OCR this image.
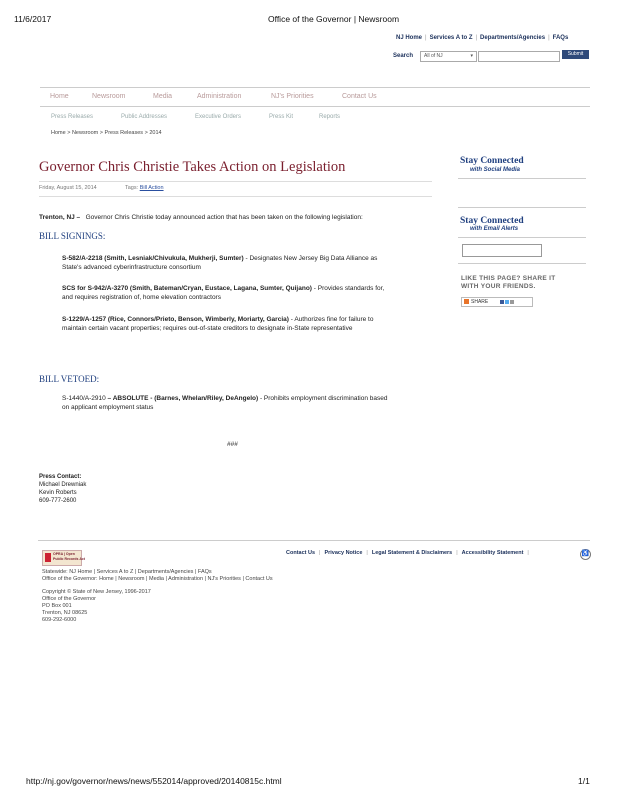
11/6/2017	Office of the Governor | Newsroom
NJ Home | Services A to Z | Departments/Agencies | FAQs
Search All of NJ	▾	Submit
Home	Newsroom	Media	Administration	NJ's Priorities	Contact Us
Press Releases	Public Addresses	Executive Orders	Press Kit	Reports
Home > Newsroom > Press Releases > 2014
Governor Chris Christie Takes Action on Legislation
Friday, August 15, 2014	Tags: Bill Action
Trenton, NJ – Governor Chris Christie today announced action that has been taken on the following legislation:
BILL SIGNINGS:
S-582/A-2218 (Smith, Lesniak/Chivukula, Mukherji, Sumter) - Designates New Jersey Big Data Alliance as State's advanced cyberinfrastructure consortium
SCS for S-942/A-3270 (Smith, Bateman/Cryan, Eustace, Lagana, Sumter, Quijano) - Provides standards for, and requires registration of, home elevation contractors
S-1229/A-1257 (Rice, Connors/Prieto, Benson, Wimberly, Moriarty, Garcia) - Authorizes fine for failure to maintain certain vacant properties; requires out-of-state creditors to designate in-State representative
BILL VETOED:
S-1440/A-2910 – ABSOLUTE - (Barnes, Whelan/Riley, DeAngelo) - Prohibits employment discrimination based on applicant employment status
###
Press Contact:
Michael Drewniak
Kevin Roberts
609-777-2600
Stay Connected
with Social Media
Stay Connected
with Email Alerts
LIKE THIS PAGE? SHARE IT
WITH YOUR FRIENDS.
SHARE
OPRA | Open
Public Records Act
Contact Us | Privacy Notice | Legal Statement & Disclaimers | Accessibility Statement |	♿
Statewide: NJ Home | Services A to Z | Departments/Agencies | FAQs
Office of the Governor: Home | Newsroom | Media | Administration | NJ's Priorities | Contact Us
Copyright © State of New Jersey, 1996-2017
Office of the Governor
PO Box 001
Trenton, NJ 08625
609-292-6000
http://nj.gov/governor/news/news/552014/approved/20140815c.html	1/1
